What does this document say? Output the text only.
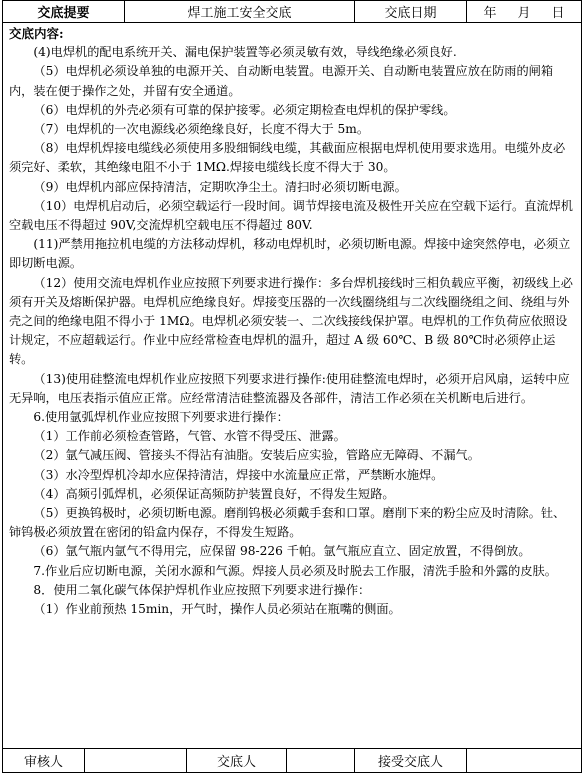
交底提要	焊工施工安全交底	交底日期	年 月 日
交底内容:

(4)电焊机的配电系统开关、漏电保护装置等必须灵敏有效，导线绝缘必须良好.

（5）电焊机必须设单独的电源开关、自动断电装置。电源开关、自动断电装置应放在防雨的闸箱内，装在便于操作之处，并留有安全通道。

（6）电焊机的外壳必须有可靠的保护接零。必须定期检查电焊机的保护零线。

（7）电焊机的一次电源线必须绝缘良好，长度不得大于 5m。

（8）电焊机焊接电缆线必须使用多股细铜线电缆，其截面应根据电焊机使用要求选用。电缆外皮必须完好、柔软，其绝缘电阻不小于 1MΩ.焊接电缆线长度不得大于 30。

（9）电焊机内部应保持清洁，定期吹净尘土。清扫时必须切断电源。

（10）电焊机启动后，必须空载运行一段时间。调节焊接电流及极性开关应在空载下运行。直流焊机空载电压不得超过 90V,交流焊机空载电压不得超过 80V.

(11)严禁用拖拉机电缆的方法移动焊机，移动电焊机时，必须切断电源。焊接中途突然停电，必须立即切断电源。

（12）使用交流电焊机作业应按照下列要求进行操作：多台焊机接线时三相负载应平衡，初级线上必须有开关及熔断保护器。电焊机应绝缘良好。焊接变压器的一次线圈绕组与二次线圈绕组之间、绕组与外壳之间的绝缘电阻不得小于 1MΩ。电焊机必须安装一、二次线接线保护罩。电焊机的工作负荷应依照设计规定，不应超载运行。作业中应经常检查电焊机的温升，超过 A 级 60℃、B 级 80℃时必须停止运转。

（13)使用硅整流电焊机作业应按照下列要求进行操作:使用硅整流电焊时，必须开启风扇，运转中应无异响，电压表指示值应正常。应经常清洁硅整流器及各部件，清洁工作必须在关机断电后进行。

6.使用氩弧焊机作业应按照下列要求进行操作：

（1）工作前必须检查管路，气管、水管不得受压、泄露。

（2）氩气减压阀、管接头不得沾有油脂。安装后应实验，管路应无障碍、不漏气。

（3）水冷型焊机冷却水应保持清洁，焊接中水流量应正常，严禁断水施焊。

（4）高频引弧焊机，必须保证高频防护装置良好，不得发生短路。

（5）更换钨极时，必须切断电源。磨削钨极必须戴手套和口罩。磨削下来的粉尘应及时清除。钍、铈钨极必须放置在密闭的铅盒内保存，不得发生短路。

（6）氩气瓶内氩气不得用完，应保留 98-226 千帕。氩气瓶应直立、固定放置，不得倒放。

7.作业后应切断电源，关闭水源和气源。焊接人员必须及时脱去工作服，清洗手脸和外露的皮肤。

8．使用二氧化碳气体保护焊机作业应按照下列要求进行操作：

（1）作业前预热 15min，开气时，操作人员必须站在瓶嘴的侧面。

审核人	交底人	接受交底人
